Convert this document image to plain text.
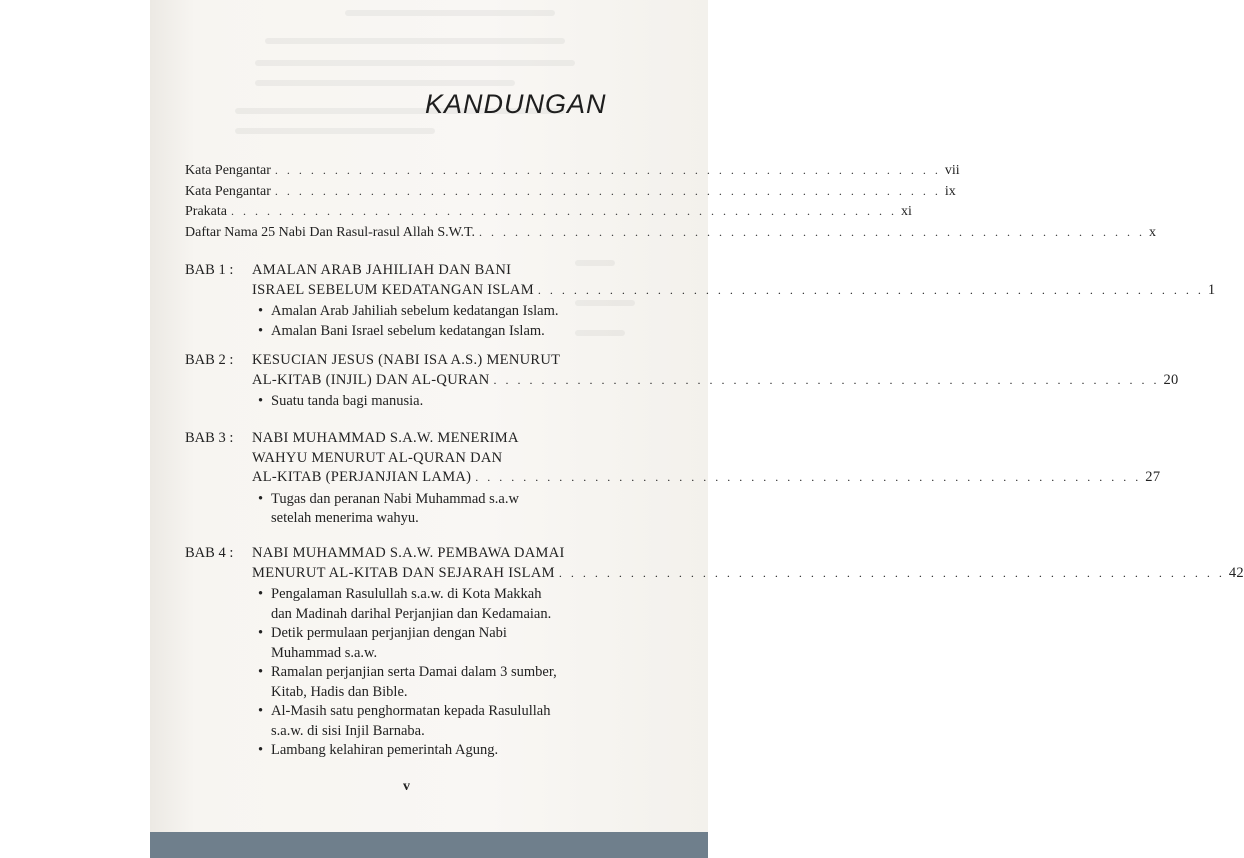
KANDUNGAN
Kata Pengantar . . . . . . . . . . . . . . . . . . . . . . . . . . . . . . . . . . . . . . . . . . . . . . . . . . . . . . . . vii
Kata Pengantar . . . . . . . . . . . . . . . . . . . . . . . . . . . . . . . . . . . . . . . . . . . . . . . . . . . . . . . . ix
Prakata . . . . . . . . . . . . . . . . . . . . . . . . . . . . . . . . . . . . . . . . . . . . . . . . . . . . . . . . xi
Daftar Nama 25 Nabi Dan Rasul-rasul Allah S.W.T. . . . . . . . . . . . . . . . . . . . . . . . . . . . . . . . . . . . . . . . . . . . . . . . . . . . . . . . . x
BAB 1 : AMALAN ARAB JAHILIAH DAN BANI
ISRAEL SEBELUM KEDATANGAN ISLAM . . . . . . . . . . . . . . . . . . . . . . . . . . . . . . . . . . . . . . . . . . . . . . . . . . . . . . . . 1
• Amalan Arab Jahiliah sebelum kedatangan Islam.
• Amalan Bani Israel sebelum kedatangan Islam.
BAB 2 : KESUCIAN JESUS (NABI ISA A.S.) MENURUT
AL-KITAB (INJIL) DAN AL-QURAN . . . . . . . . . . . . . . . . . . . . . . . . . . . . . . . . . . . . . . . . . . . . . . . . . . . . . . . . 20
• Suatu tanda bagi manusia.
BAB 3 : NABI MUHAMMAD S.A.W. MENERIMA
WAHYU MENURUT AL-QURAN DAN
AL-KITAB (PERJANJIAN LAMA) . . . . . . . . . . . . . . . . . . . . . . . . . . . . . . . . . . . . . . . . . . . . . . . . . . . . . . . . 27
• Tugas dan peranan Nabi Muhammad s.a.w
setelah menerima wahyu.
BAB 4 : NABI MUHAMMAD S.A.W. PEMBAWA DAMAI
MENURUT AL-KITAB DAN SEJARAH ISLAM . . . . . . . . . . . . . . . . . . . . . . . . . . . . . . . . . . . . . . . . . . . . . . . . . . . . . . . . 42
• Pengalaman Rasulullah s.a.w. di Kota Makkah
dan Madinah darihal Perjanjian dan Kedamaian.
• Detik permulaan perjanjian dengan Nabi
Muhammad s.a.w.
• Ramalan perjanjian serta Damai dalam 3 sumber,
Kitab, Hadis dan Bible.
• Al-Masih satu penghormatan kepada Rasulullah
s.a.w. di sisi Injil Barnaba.
• Lambang kelahiran pemerintah Agung.
v
